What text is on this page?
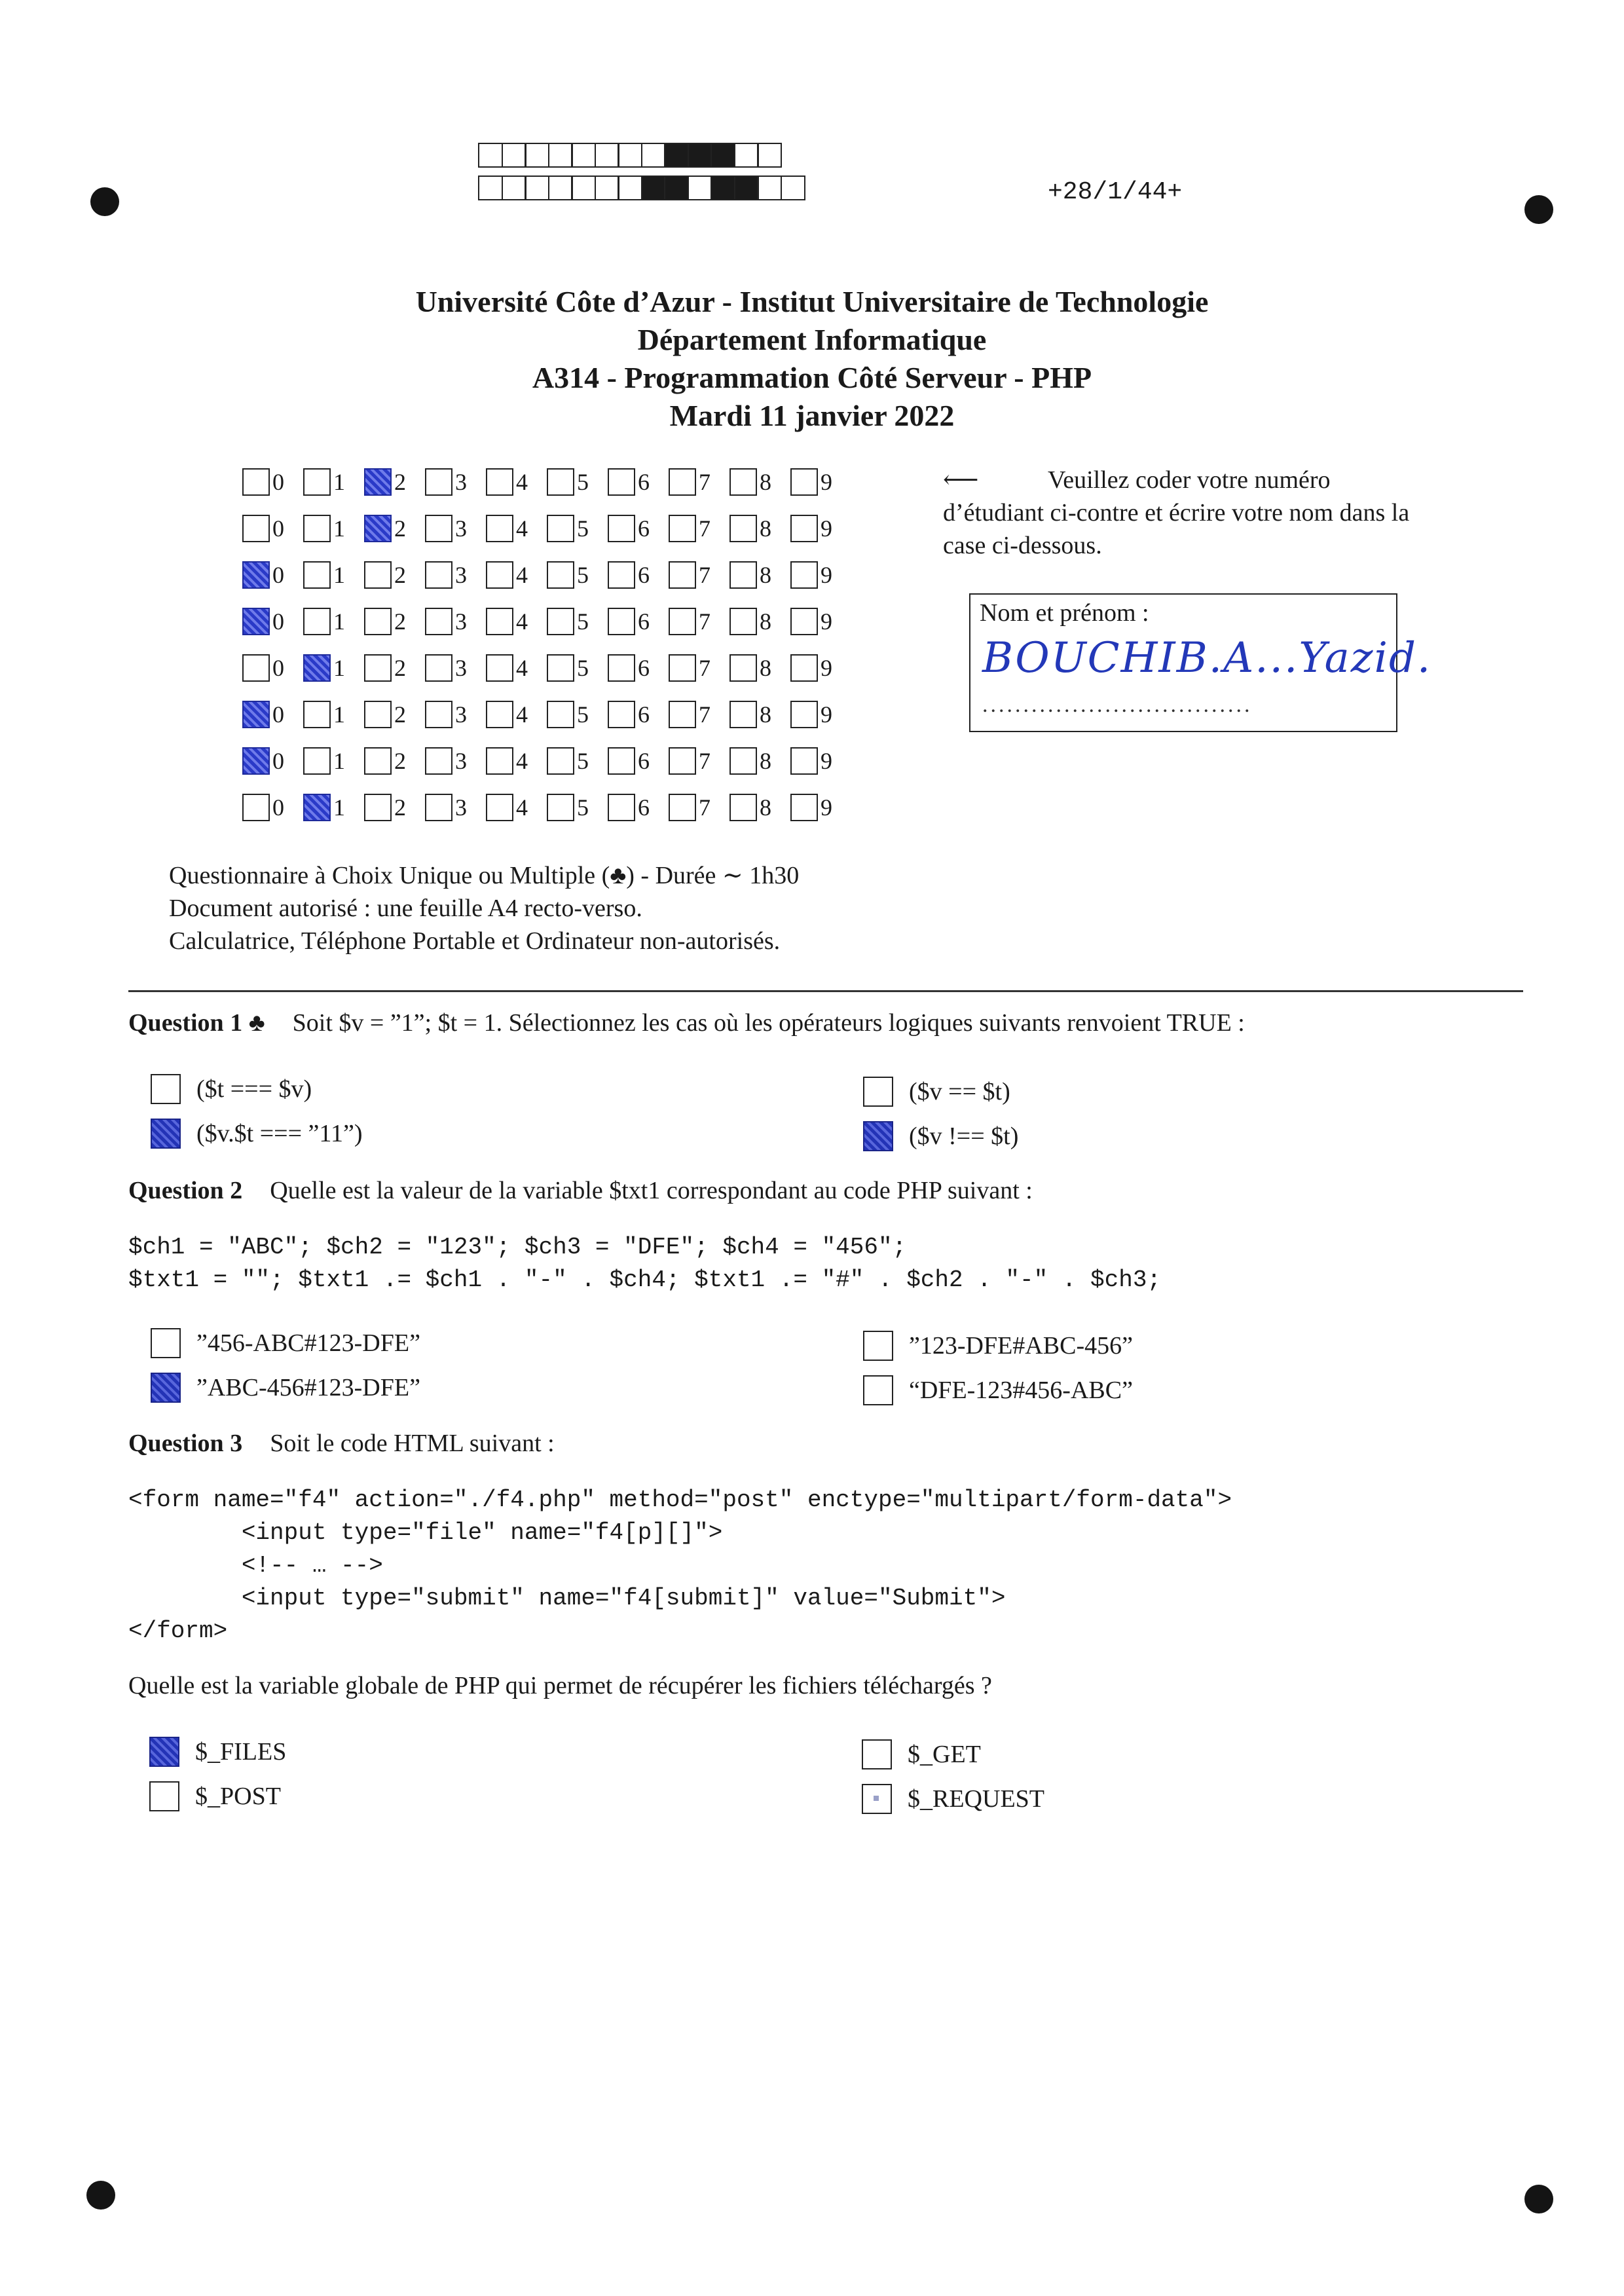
+28/1/44+
Université Côte d’Azur - Institut Universitaire de Technologie
Département Informatique
A314 - Programmation Côté Serveur - PHP
Mardi 11 janvier 2022
0 1 2 3 4 5 6 7 8 9
0 1 2 3 4 5 6 7 8 9
0 1 2 3 4 5 6 7 8 9
0 1 2 3 4 5 6 7 8 9
0 1 2 3 4 5 6 7 8 9
0 1 2 3 4 5 6 7 8 9
0 1 2 3 4 5 6 7 8 9
0 1 2 3 4 5 6 7 8 9
⟵	Veuillez coder votre numéro d’étudiant ci-contre et écrire votre nom dans la case ci-dessous.
Nom et prénom :
BOUCHIB.A...Yazid.
.................................
Questionnaire à Choix Unique ou Multiple (♣) - Durée ∼ 1h30
Document autorisé : une feuille A4 recto-verso.
Calculatrice, Téléphone Portable et Ordinateur non-autorisés.
Question 1 ♣ Soit $v = ”1”; $t = 1. Sélectionnez les cas où les opérateurs logiques suivants renvoient TRUE :
($t === $v)	($v == $t)
($v.$t === ”11”)	($v !== $t)
Question 2 Quelle est la valeur de la variable $txt1 correspondant au code PHP suivant :
$ch1 = "ABC"; $ch2 = "123"; $ch3 = "DFE"; $ch4 = "456";
$txt1 = ""; $txt1 .= $ch1 . "-" . $ch4; $txt1 .= "#" . $ch2 . "-" . $ch3;
”456-ABC#123-DFE”	”123-DFE#ABC-456”
”ABC-456#123-DFE”	“DFE-123#456-ABC”
Question 3 Soit le code HTML suivant :
<form name="f4" action="./f4.php" method="post" enctype="multipart/form-data">
<input type="file" name="f4[p][]">
<!-- … -->
<input type="submit" name="f4[submit]" value="Submit">
</form>
Quelle est la variable globale de PHP qui permet de récupérer les fichiers téléchargés ?
$_FILES	$_GET
$_POST	$_REQUEST
